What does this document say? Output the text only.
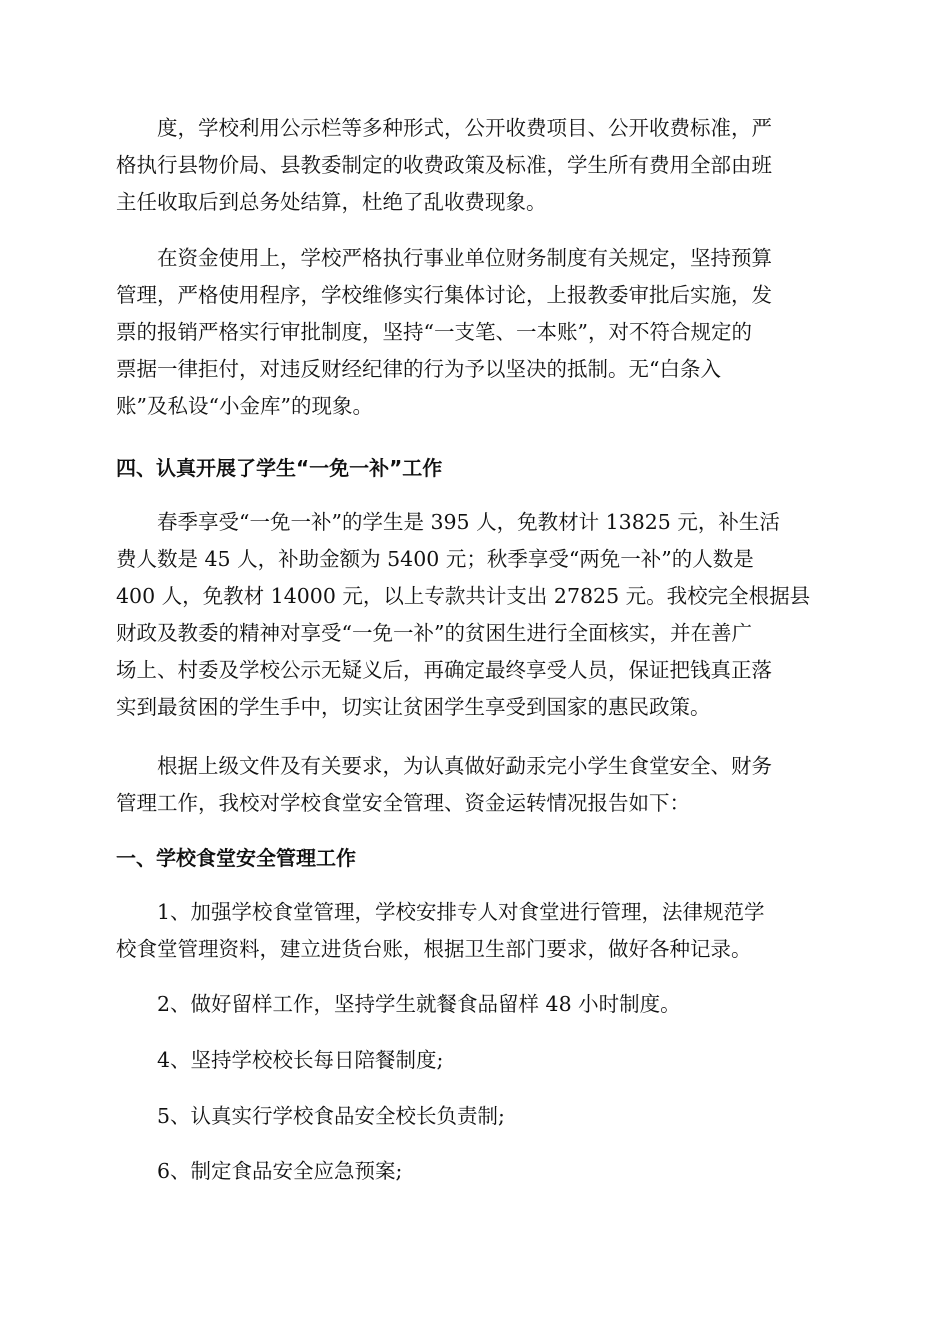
度，学校利用公示栏等多种形式，公开收费项目、公开收费标准，严
格执行县物价局、县教委制定的收费政策及标准，学生所有费用全部由班
主任收取后到总务处结算，杜绝了乱收费现象。
在资金使用上，学校严格执行事业单位财务制度有关规定，坚持预算
管理，严格使用程序，学校维修实行集体讨论，上报教委审批后实施，发
票的报销严格实行审批制度，坚持“一支笔、一本账”，对不符合规定的
票据一律拒付，对违反财经纪律的行为予以坚决的抵制。无“白条入
账”及私设“小金库”的现象。
四、认真开展了学生“一免一补”工作
春季享受“一免一补”的学生是 395 人，免教材计 13825 元，补生活
费人数是 45 人，补助金额为 5400 元；秋季享受“两免一补”的人数是
400 人，免教材 14000 元，以上专款共计支出 27825 元。我校完全根据县
财政及教委的精神对享受“一免一补”的贫困生进行全面核实，并在善广
场上、村委及学校公示无疑义后，再确定最终享受人员，保证把钱真正落
实到最贫困的学生手中，切实让贫困学生享受到国家的惠民政策。
根据上级文件及有关要求，为认真做好勐汞完小学生食堂安全、财务
管理工作，我校对学校食堂安全管理、资金运转情况报告如下：
一、学校食堂安全管理工作
1、加强学校食堂管理，学校安排专人对食堂进行管理，法律规范学
校食堂管理资料，建立进货台账，根据卫生部门要求，做好各种记录。
2、做好留样工作，坚持学生就餐食品留样 48 小时制度。
4、坚持学校校长每日陪餐制度;
5、认真实行学校食品安全校长负责制;
6、制定食品安全应急预案;
